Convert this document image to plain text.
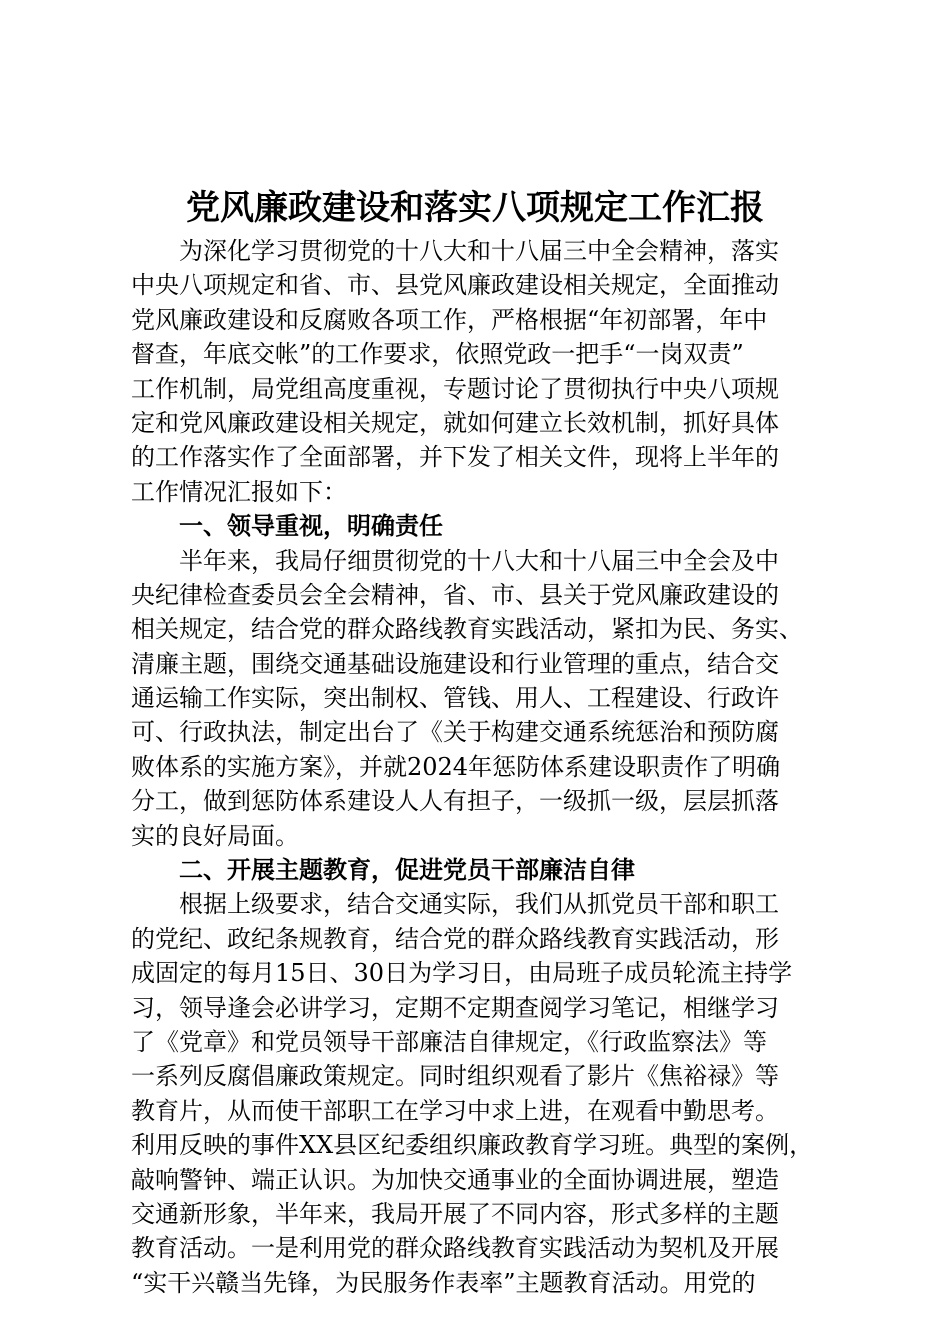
党风廉政建设和落实八项规定工作汇报
　　为深化学习贯彻党的十八大和十八届三中全会精神，落实
中央八项规定和省、市、县党风廉政建设相关规定，全面推动
党风廉政建设和反腐败各项工作，严格根据“年初部署，年中
督查，年底交帐”的工作要求，依照党政一把手“一岗双责”
工作机制，局党组高度重视，专题讨论了贯彻执行中央八项规
定和党风廉政建设相关规定，就如何建立长效机制，抓好具体
的工作落实作了全面部署，并下发了相关文件，现将上半年的
工作情况汇报如下：
　　一、领导重视，明确责任
　　半年来，我局仔细贯彻党的十八大和十八届三中全会及中
央纪律检查委员会全会精神，省、市、县关于党风廉政建设的
相关规定，结合党的群众路线教育实践活动，紧扣为民、务实、
清廉主题，围绕交通基础设施建设和行业管理的重点，结合交
通运输工作实际，突出制权、管钱、用人、工程建设、行政许
可、行政执法，制定出台了《关于构建交通系统惩治和预防腐
败体系的实施方案》，并就2024年惩防体系建设职责作了明确
分工，做到惩防体系建设人人有担子，一级抓一级，层层抓落
实的良好局面。
　　二、开展主题教育，促进党员干部廉洁自律
　　根据上级要求，结合交通实际，我们从抓党员干部和职工
的党纪、政纪条规教育，结合党的群众路线教育实践活动，形
成固定的每月15日、30日为学习日，由局班子成员轮流主持学
习，领导逢会必讲学习，定期不定期查阅学习笔记，相继学习
了《党章》和党员领导干部廉洁自律规定，《行政监察法》等
一系列反腐倡廉政策规定。同时组织观看了影片《焦裕禄》等
教育片，从而使干部职工在学习中求上进，在观看中勤思考。
利用反映的事件XX县区纪委组织廉政教育学习班。典型的案例，
敲响警钟、端正认识。为加快交通事业的全面协调进展，塑造
交通新形象，半年来，我局开展了不同内容，形式多样的主题
教育活动。一是利用党的群众路线教育实践活动为契机及开展
“实干兴赣当先锋，为民服务作表率”主题教育活动。用党的
